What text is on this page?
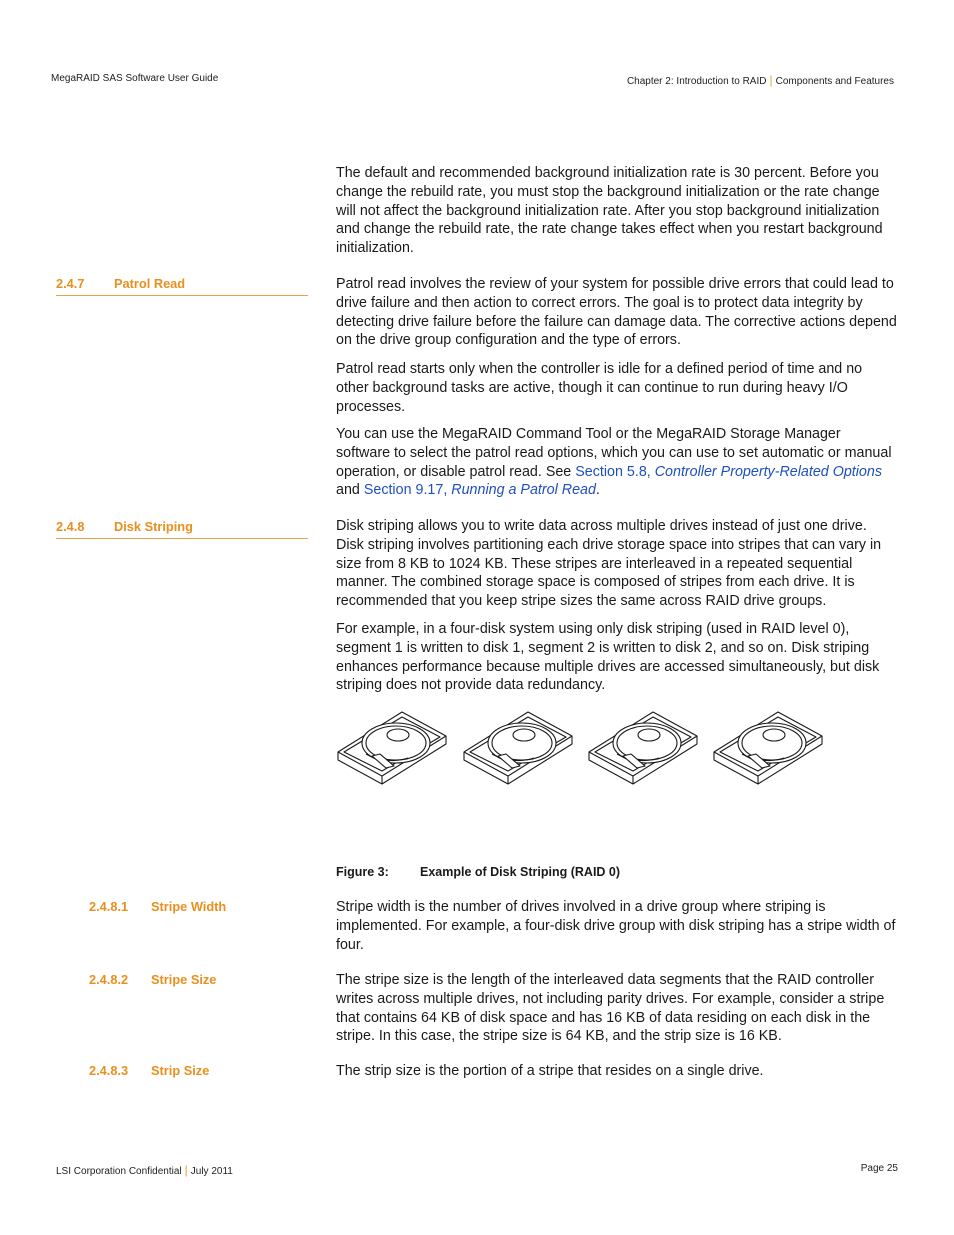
MegaRAID SAS Software User Guide	Chapter 2: Introduction to RAID | Components and Features

The default and recommended background initialization rate is 30 percent. Before you change the rebuild rate, you must stop the background initialization or the rate change will not affect the background initialization rate. After you stop background initialization and change the rebuild rate, the rate change takes effect when you restart background initialization.

2.4.7 Patrol Read	Patrol read involves the review of your system for possible drive errors that could lead to drive failure and then action to correct errors. The goal is to protect data integrity by detecting drive failure before the failure can damage data. The corrective actions depend on the drive group configuration and the type of errors.

Patrol read starts only when the controller is idle for a defined period of time and no other background tasks are active, though it can continue to run during heavy I/O processes.

You can use the MegaRAID Command Tool or the MegaRAID Storage Manager software to select the patrol read options, which you can use to set automatic or manual operation, or disable patrol read. See Section 5.8, Controller Property-Related Options
and Section 9.17, Running a Patrol Read.

2.4.8 Disk Striping	Disk striping allows you to write data across multiple drives instead of just one drive. Disk striping involves partitioning each drive storage space into stripes that can vary in size from 8 KB to 1024 KB. These stripes are interleaved in a repeated sequential manner. The combined storage space is composed of stripes from each drive. It is recommended that you keep stripe sizes the same across RAID drive groups.

For example, in a four-disk system using only disk striping (used in RAID level 0), segment 1 is written to disk 1, segment 2 is written to disk 2, and so on. Disk striping enhances performance because multiple drives are accessed simultaneously, but disk striping does not provide data redundancy.

Figure 3: Example of Disk Striping (RAID 0)
2.4.8.1 Stripe Width	Stripe width is the number of drives involved in a drive group where striping is implemented. For example, a four-disk drive group with disk striping has a stripe width of four.

2.4.8.2 Stripe Size	The stripe size is the length of the interleaved data segments that the RAID controller writes across multiple drives, not including parity drives. For example, consider a stripe that contains 64 KB of disk space and has 16 KB of data residing on each disk in the stripe. In this case, the stripe size is 64 KB, and the strip size is 16 KB.

2.4.8.3 Strip Size	The strip size is the portion of a stripe that resides on a single drive.

LSI Corporation Confidential | July 2011	Page 25
